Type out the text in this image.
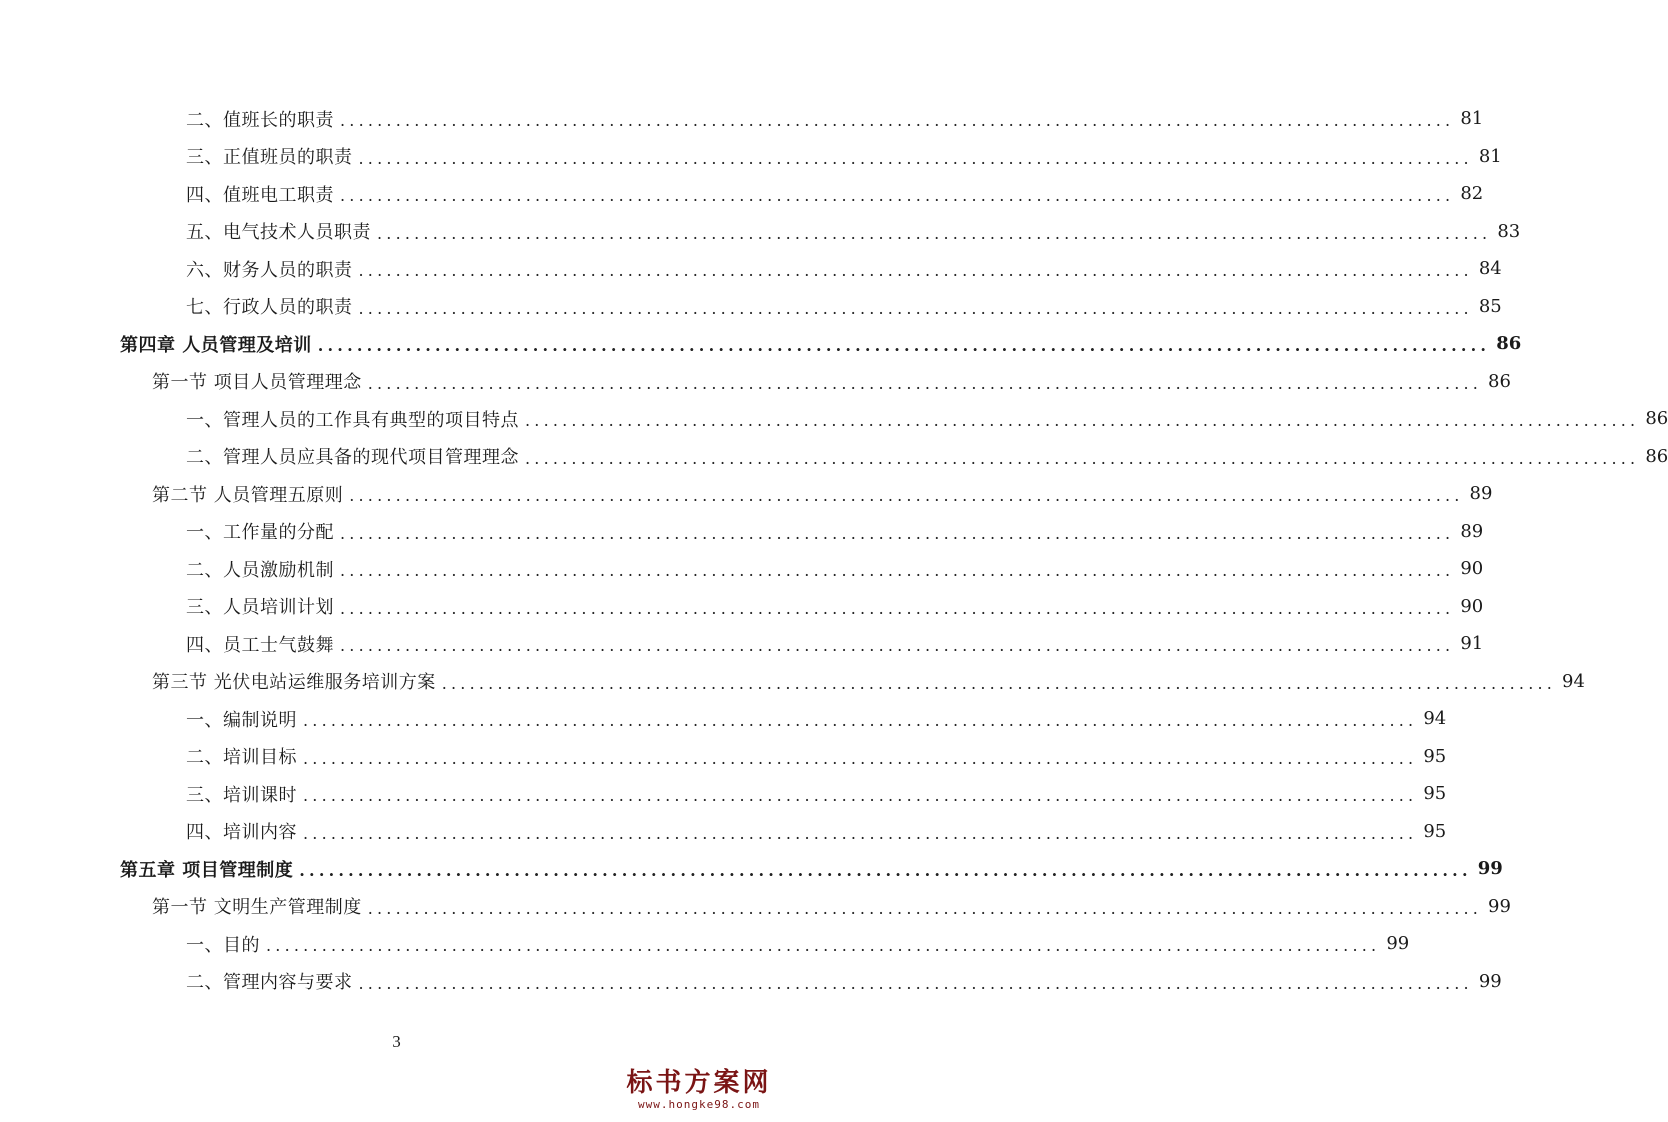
二、值班长的职责 ........................................................................................................................ 81
三、正值班员的职责 ........................................................................................................................ 81
四、值班电工职责 ........................................................................................................................ 82
五、电气技术人员职责 ........................................................................................................................ 83
六、财务人员的职责 ........................................................................................................................ 84
七、行政人员的职责 ........................................................................................................................ 85
第四章 人员管理及培训 ........................................................................................................................ 86
第一节 项目人员管理理念 ........................................................................................................................ 86
一、管理人员的工作具有典型的项目特点 ........................................................................................................................ 86
二、管理人员应具备的现代项目管理理念 ........................................................................................................................ 86
第二节 人员管理五原则 ........................................................................................................................ 89
一、工作量的分配 ........................................................................................................................ 89
二、人员激励机制 ........................................................................................................................ 90
三、人员培训计划 ........................................................................................................................ 90
四、员工士气鼓舞 ........................................................................................................................ 91
第三节 光伏电站运维服务培训方案 ........................................................................................................................ 94
一、编制说明 ........................................................................................................................ 94
二、培训目标 ........................................................................................................................ 95
三、培训课时 ........................................................................................................................ 95
四、培训内容 ........................................................................................................................ 95
第五章 项目管理制度 ........................................................................................................................ 99
第一节 文明生产管理制度 ........................................................................................................................ 99
一、目的 ........................................................................................................................ 99
二、管理内容与要求 ........................................................................................................................ 99
3
标书方案网
www.hongke98.com
